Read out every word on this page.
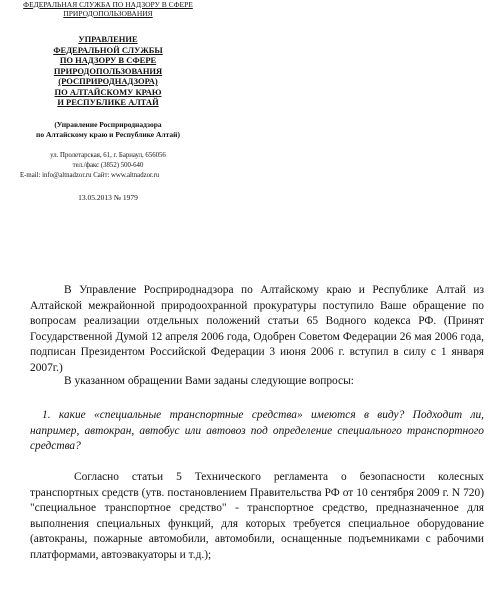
ФЕДЕРАЛЬНАЯ СЛУЖБА ПО НАДЗОРУ В СФЕРЕ
ПРИРОДОПОЛЬЗОВАНИЯ
УПРАВЛЕНИЕ
ФЕДЕРАЛЬНОЙ СЛУЖБЫ
ПО НАДЗОРУ В СФЕРЕ
ПРИРОДОПОЛЬЗОВАНИЯ
(РОСПРИРОДНАДЗОРА)
ПО АЛТАЙСКОМУ КРАЮ
И РЕСПУБЛИКЕ АЛТАЙ
(Управление Росприроднадзора
по Алтайскому краю и Республике Алтай)
ул. Пролетарская, 61, г. Барнаул, 656056
тел./факс (3852) 500-640
E-mail: info@altnadzor.ru Сайт: www.altnadzor.ru
13.05.2013 № 1979
В Управление Росприроднадзора по Алтайскому краю и Республике Алтай из Алтайской межрайонной природоохранной прокуратуры поступило Ваше обращение по вопросам реализации отдельных положений статьи 65 Водного кодекса РФ. (Принят Государственной Думой 12 апреля 2006 года, Одобрен Советом Федерации 26 мая 2006 года, подписан Президентом Российской Федерации 3 июня 2006 г. вступил в силу с 1 января 2007г.)
В указанном обращении Вами заданы следующие вопросы:
1. какие «специальные транспортные средства» имеются в виду? Подходит ли, например, автокран, автобус или автовоз под определение специального транспортного средства?
Согласно статьи 5 Технического регламента о безопасности колесных транспортных средств (утв. постановлением Правительства РФ от 10 сентября 2009 г. N 720) "специальное транспортное средство" - транспортное средство, предназначенное для выполнения специальных функций, для которых требуется специальное оборудование (автокраны, пожарные автомобили, автомобили, оснащенные подъемниками с рабочими платформами, автоэвакуаторы и т.д.);
